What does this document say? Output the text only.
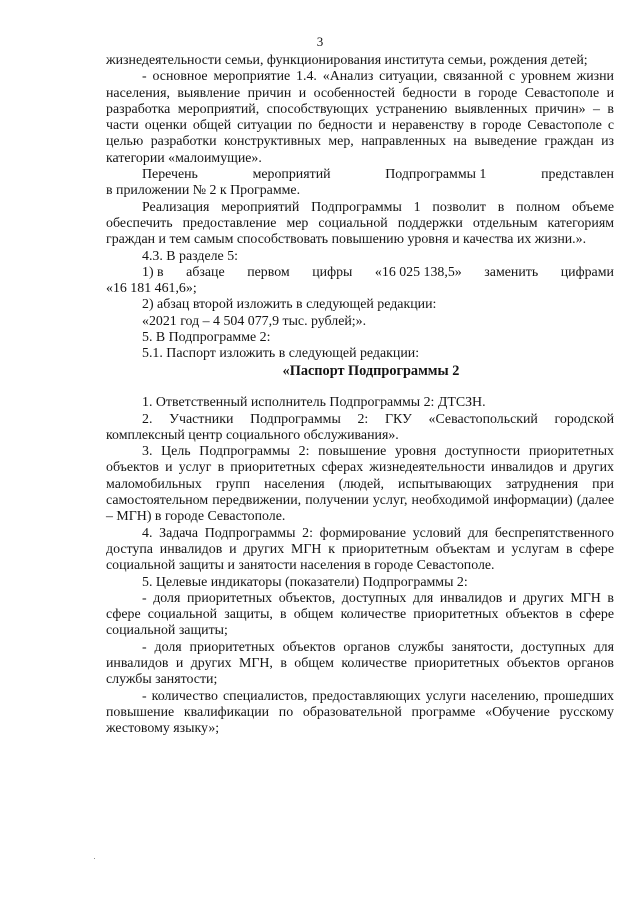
3

жизнедеятельности семьи, функционирования института семьи, рождения детей;

- основное мероприятие 1.4. «Анализ ситуации, связанной с уровнем жизни населения, выявление причин и особенностей бедности в городе Севастополе и разработка мероприятий, способствующих устранению выявленных причин» – в части оценки общей ситуации по бедности и неравенству в городе Севастополе с целью разработки конструктивных мер, направленных на выведение граждан из категории «малоимущие».

Перечень	мероприятий	Подпрограммы 1	представлен

в приложении № 2 к Программе.

Реализация мероприятий Подпрограммы 1 позволит в полном объеме обеспечить предоставление мер социальной поддержки отдельным категориям граждан и тем самым способствовать повышению уровня и качества их жизни.».

4.3. В разделе 5:

1) в абзаце первом цифры «16 025 138,5» заменить цифрами

«16 181 461,6»;

2) абзац второй изложить в следующей редакции:

«2021 год – 4 504 077,9 тыс. рублей;».

5. В Подпрограмме 2:

5.1. Паспорт изложить в следующей редакции:

«Паспорт Подпрограммы 2

1. Ответственный исполнитель Подпрограммы 2: ДТСЗН.

2. Участники Подпрограммы 2: ГКУ «Севастопольский городской комплексный центр социального обслуживания».

3. Цель Подпрограммы 2: повышение уровня доступности приоритетных объектов и услуг в приоритетных сферах жизнедеятельности инвалидов и других маломобильных групп населения (людей, испытывающих затруднения при самостоятельном передвижении, получении услуг, необходимой информации) (далее – МГН) в городе Севастополе.

4. Задача Подпрограммы 2: формирование условий для беспрепятственного доступа инвалидов и других МГН к приоритетным объектам и услугам в сфере социальной защиты и занятости населения в городе Севастополе.

5. Целевые индикаторы (показатели) Подпрограммы 2:

- доля приоритетных объектов, доступных для инвалидов и других МГН в сфере социальной защиты, в общем количестве приоритетных объектов в сфере социальной защиты;

- доля приоритетных объектов органов службы занятости, доступных для инвалидов и других МГН, в общем количестве приоритетных объектов органов службы занятости;

- количество специалистов, предоставляющих услуги населению, прошедших повышение квалификации по образовательной программе «Обучение русскому жестовому языку»;
